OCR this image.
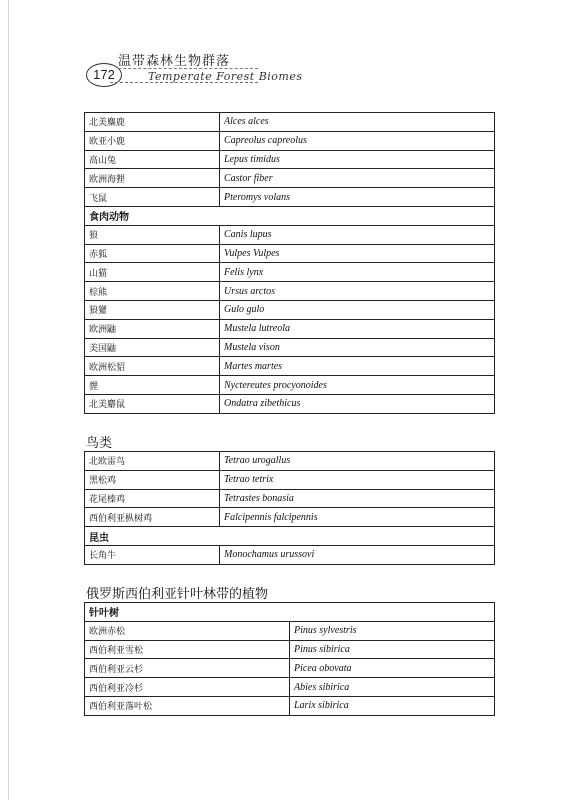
172
温带森林生物群落
Temperate Forest Biomes
北美麋鹿	Alces alces
欧亚小鹿	Capreolus capreolus
高山兔	Lepus timidus
欧洲海狸	Castor fiber
飞鼠	Pteromys volans
食肉动物	
狼	Canis lupus
赤狐	Vulpes Vulpes
山猫	Felis lynx
棕熊	Ursus arctos
狼獾	Gulo gulo
欧洲鼬	Mustela lutreola
美国鼬	Mustela vison
欧洲松貂	Martes martes
貍	Nyctereutes procyonoides
北美麝鼠	Ondatra zibethicus
鸟类
北欧雷鸟	Tetrao urogallus
黑松鸡	Tetrao tetrix
花尾榛鸡	Tetrastes bonasia
西伯利亚枞树鸡	Falcipennis falcipennis
昆虫	
长角牛	Monochamus urussovi
俄罗斯西伯利亚针叶林带的植物
针叶树	
欧洲赤松	Pinus sylvestris
西伯利亚雪松	Pinus sibirica
西伯利亚云杉	Picea obovata
西伯利亚冷杉	Abies sibirica
西伯利亚落叶松	Larix sibirica
